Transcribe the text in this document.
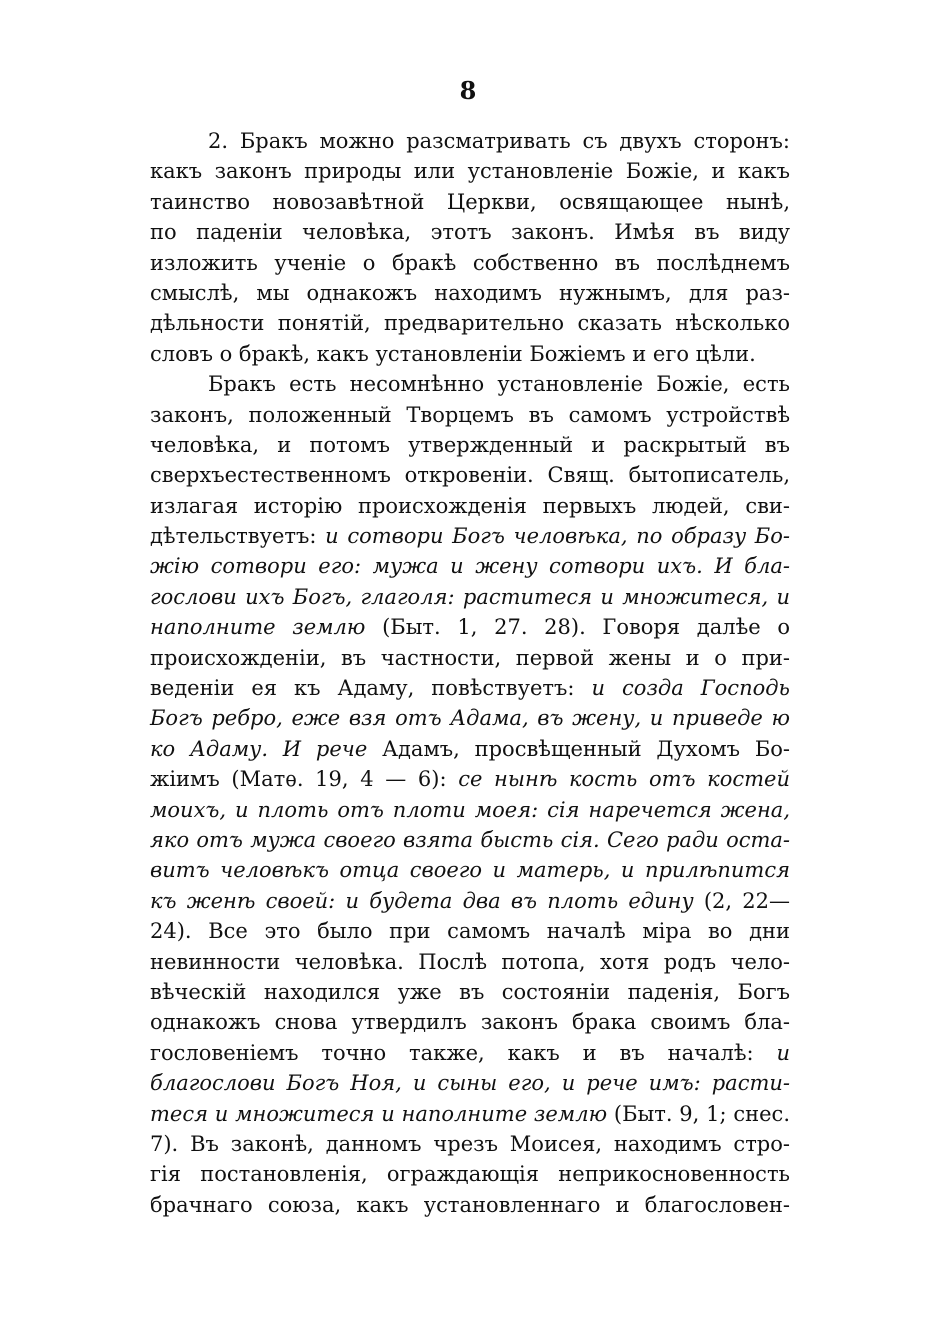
8
2. Бракъ можно разсматривать съ двухъ сторонъ:
какъ законъ природы или установленіе Божіе, и какъ
таинство новозавѣтной Церкви, освящающее нынѣ,
по паденіи человѣка, этотъ законъ. Имѣя въ виду
изложить ученіе о бракѣ собственно въ послѣднемъ
смыслѣ, мы однакожъ находимъ нужнымъ, для раз-
дѣльности понятій, предварительно сказать нѣсколько
словъ о бракѣ, какъ установленіи Божіемъ и его цѣли.
Бракъ есть несомнѣнно установленіе Божіе, есть
законъ, положенный Творцемъ въ самомъ устройствѣ
человѣка, и потомъ утвержденный и раскрытый въ
сверхъестественномъ откровеніи. Свящ. бытописатель,
излагая исторію происхожденія первыхъ людей, сви-
дѣтельствуетъ: и сотвори Богъ человѣка, по образу Бо-
жію сотвори его: мужа и жену сотвори ихъ. И бла-
гослови ихъ Богъ, глаголя: раститеся и множитеся, и
наполните землю (Быт. 1, 27. 28). Говоря далѣе о
происхожденіи, въ частности, первой жены и о при-
веденіи ея къ Адаму, повѣствуетъ: и созда Господь
Богъ ребро, еже взя отъ Адама, въ жену, и приведе ю
ко Адаму. И рече Адамъ, просвѣщенный Духомъ Бо-
жіимъ (Матѳ. 19, 4 — 6): се нынѣ кость отъ костей
моихъ, и плоть отъ плоти моея: сія наречется жена,
яко отъ мужа своего взята бысть сія. Сего ради оста-
витъ человѣкъ отца своего и матерь, и прилѣпится
къ женѣ своей: и будета два въ плоть едину (2, 22—
24). Все это было при самомъ началѣ міра во дни
невинности человѣка. Послѣ потопа, хотя родъ чело-
вѣческій находился уже въ состояніи паденія, Богъ
однакожъ снова утвердилъ законъ брака своимъ бла-
гословеніемъ точно также, какъ и въ началѣ: и
благослови Богъ Ноя, и сыны его, и рече имъ: расти-
теся и множитеся и наполните землю (Быт. 9, 1; снес.
7). Въ законѣ, данномъ чрезъ Моисея, находимъ стро-
гія постановленія, ограждающія неприкосновенность
брачнаго союза, какъ установленнаго и благословен-
